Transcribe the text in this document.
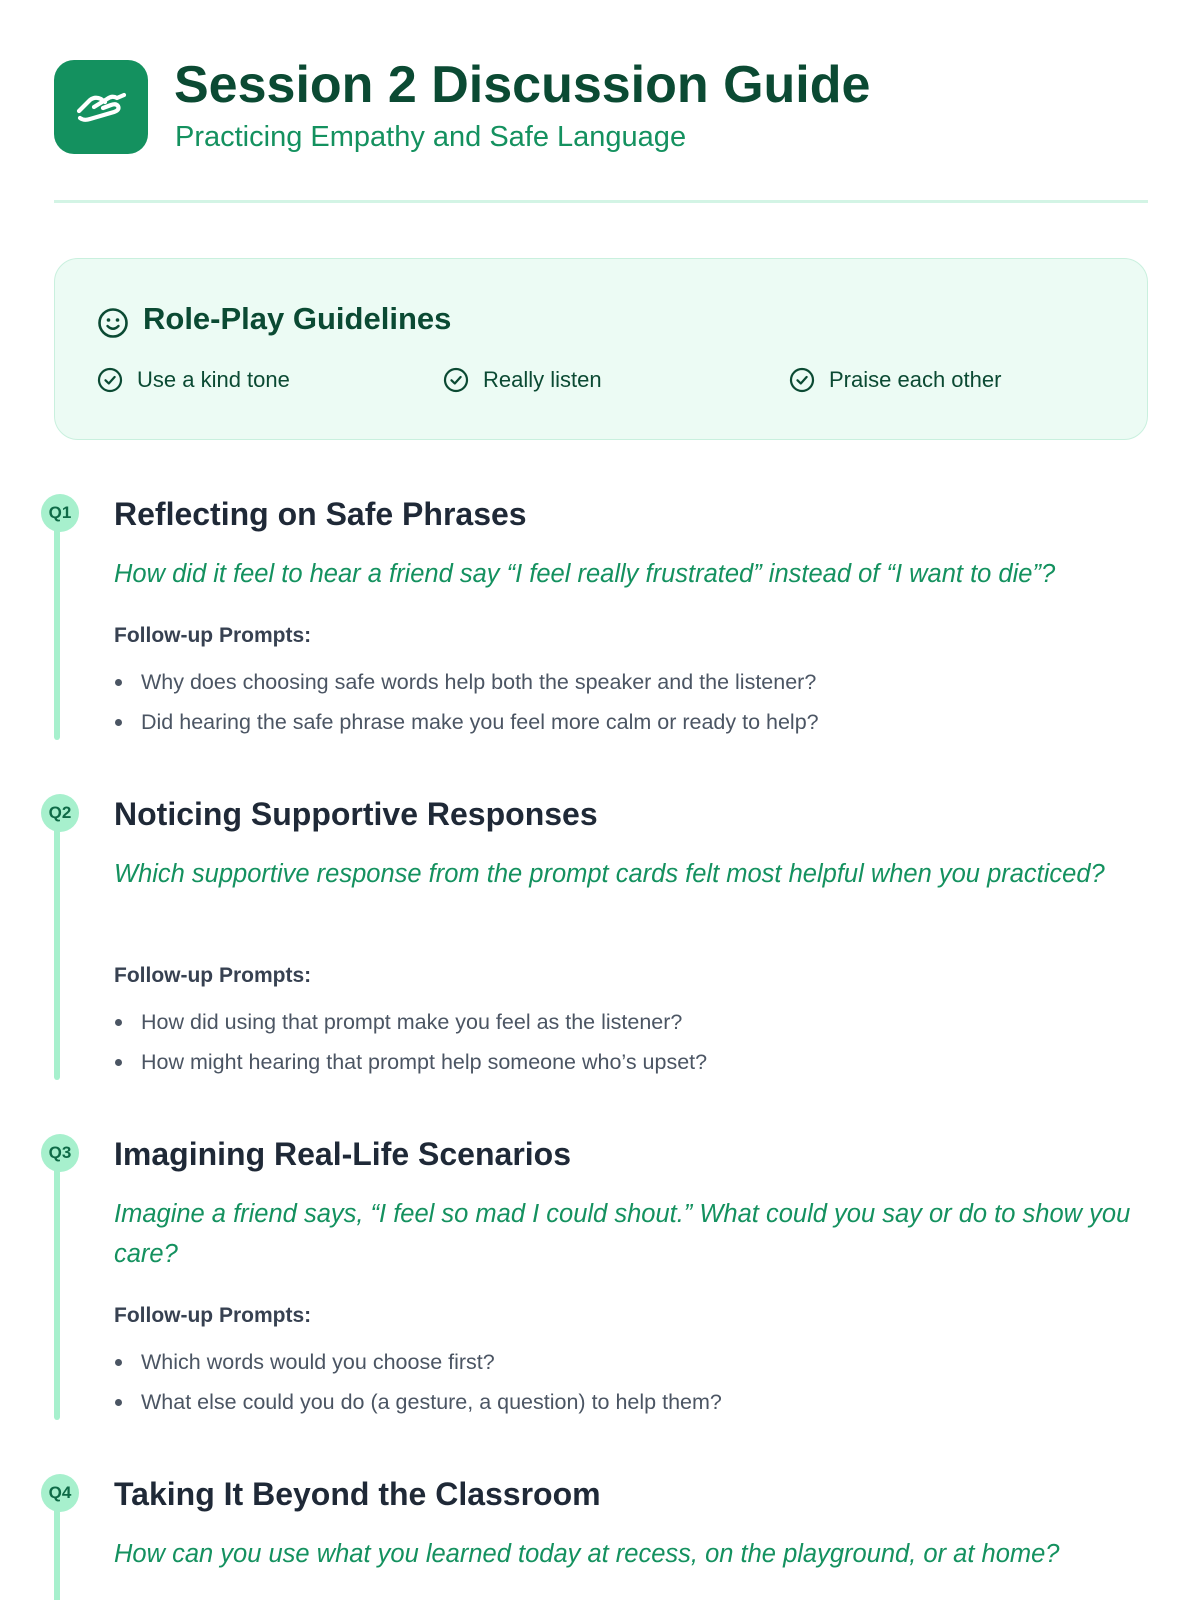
Session 2 Discussion Guide
Practicing Empathy and Safe Language
Role-Play Guidelines
Use a kind tone	Really listen	Praise each other
Q1 Reflecting on Safe Phrases
How did it feel to hear a friend say “I feel really frustrated” instead of “I want to die”?
Follow-up Prompts:
Why does choosing safe words help both the speaker and the listener?
Did hearing the safe phrase make you feel more calm or ready to help?
Q2 Noticing Supportive Responses
Which supportive response from the prompt cards felt most helpful when you practiced?
Follow-up Prompts:
How did using that prompt make you feel as the listener?
How might hearing that prompt help someone who’s upset?
Q3 Imagining Real-Life Scenarios
Imagine a friend says, “I feel so mad I could shout.” What could you say or do to show you care?
Follow-up Prompts:
Which words would you choose first?
What else could you do (a gesture, a question) to help them?
Q4 Taking It Beyond the Classroom
How can you use what you learned today at recess, on the playground, or at home?
